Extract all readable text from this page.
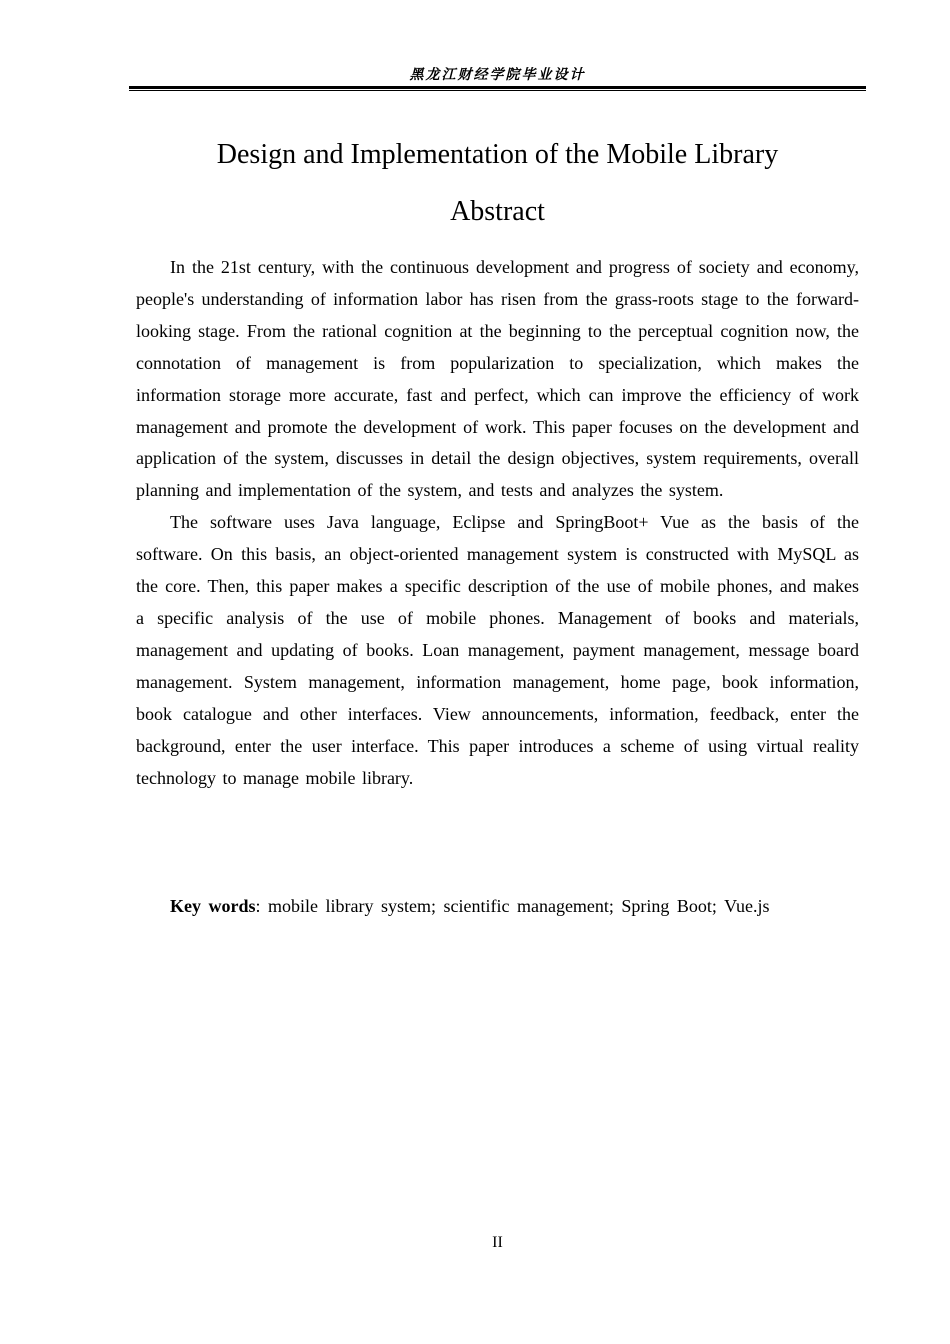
黑龙江财经学院毕业设计
Design and Implementation of the Mobile Library
Abstract

In the 21st century, with the continuous development and progress of society and economy, people's understanding of information labor has risen from the grass-roots stage to the forward-looking stage. From the rational cognition at the beginning to the perceptual cognition now, the connotation of management is from popularization to specialization, which makes the information storage more accurate, fast and perfect, which can improve the efficiency of work management and promote the development of work. This paper focuses on the development and application of the system, discusses in detail the design objectives, system requirements, overall planning and implementation of the system, and tests and analyzes the system.

The software uses Java language, Eclipse and SpringBoot+ Vue as the basis of the software. On this basis, an object-oriented management system is constructed with MySQL as the core. Then, this paper makes a specific description of the use of mobile phones, and makes a specific analysis of the use of mobile phones. Management of books and materials, management and updating of books. Loan management, payment management, message board management. System management, information management, home page, book information, book catalogue and other interfaces. View announcements, information, feedback, enter the background, enter the user interface. This paper introduces a scheme of using virtual reality technology to manage mobile library.

Key words: mobile library system; scientific management; Spring Boot; Vue.js
II
